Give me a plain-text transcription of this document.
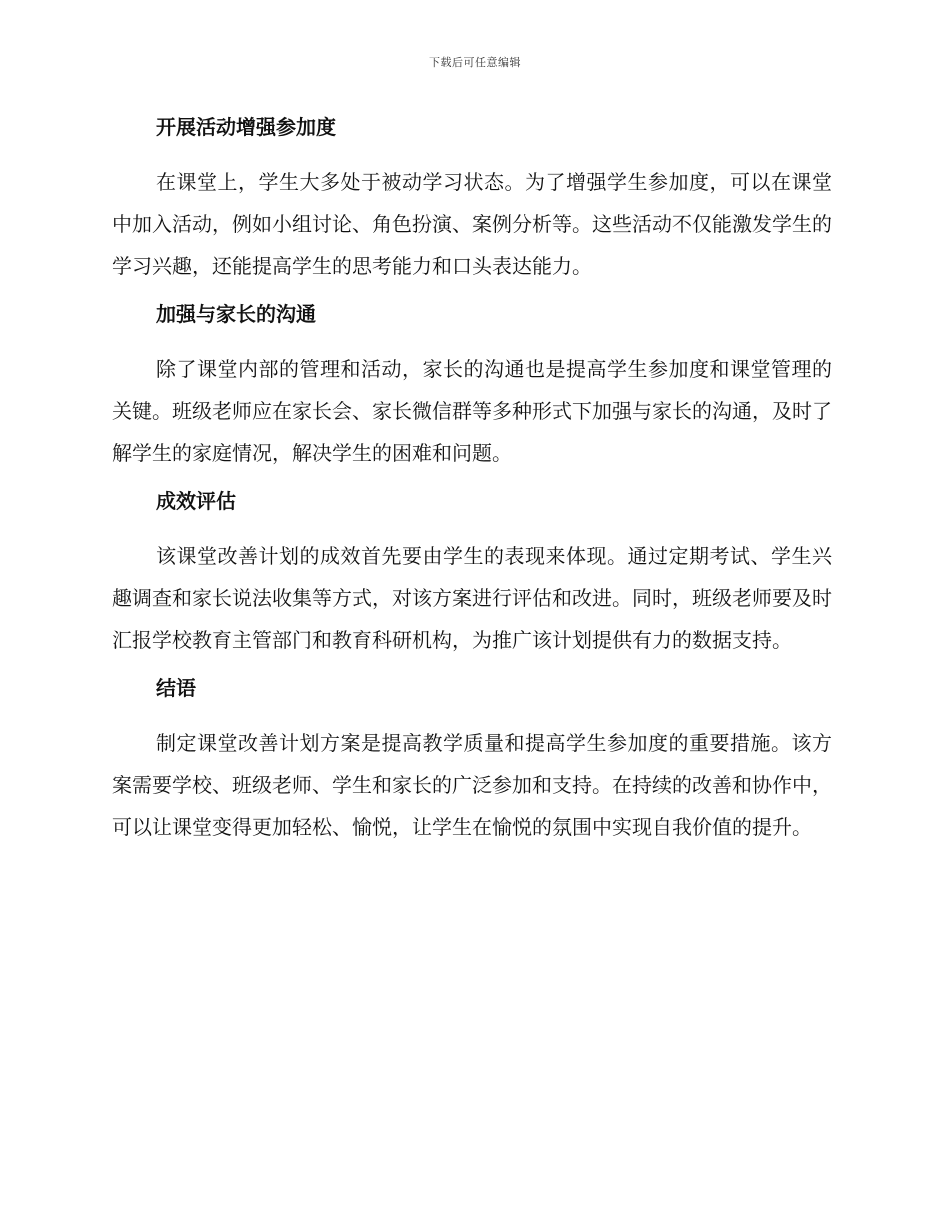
下载后可任意编辑
开展活动增强参加度

在课堂上，学生大多处于被动学习状态。为了增强学生参加度，可以在课堂中加入活动，例如小组讨论、角色扮演、案例分析等。这些活动不仅能激发学生的学习兴趣，还能提高学生的思考能力和口头表达能力。

加强与家长的沟通

除了课堂内部的管理和活动，家长的沟通也是提高学生参加度和课堂管理的关键。班级老师应在家长会、家长微信群等多种形式下加强与家长的沟通，及时了解学生的家庭情况，解决学生的困难和问题。

成效评估

该课堂改善计划的成效首先要由学生的表现来体现。通过定期考试、学生兴趣调查和家长说法收集等方式，对该方案进行评估和改进。同时，班级老师要及时汇报学校教育主管部门和教育科研机构，为推广该计划提供有力的数据支持。

结语

制定课堂改善计划方案是提高教学质量和提高学生参加度的重要措施。该方案需要学校、班级老师、学生和家长的广泛参加和支持。在持续的改善和协作中，可以让课堂变得更加轻松、愉悦，让学生在愉悦的氛围中实现自我价值的提升。
